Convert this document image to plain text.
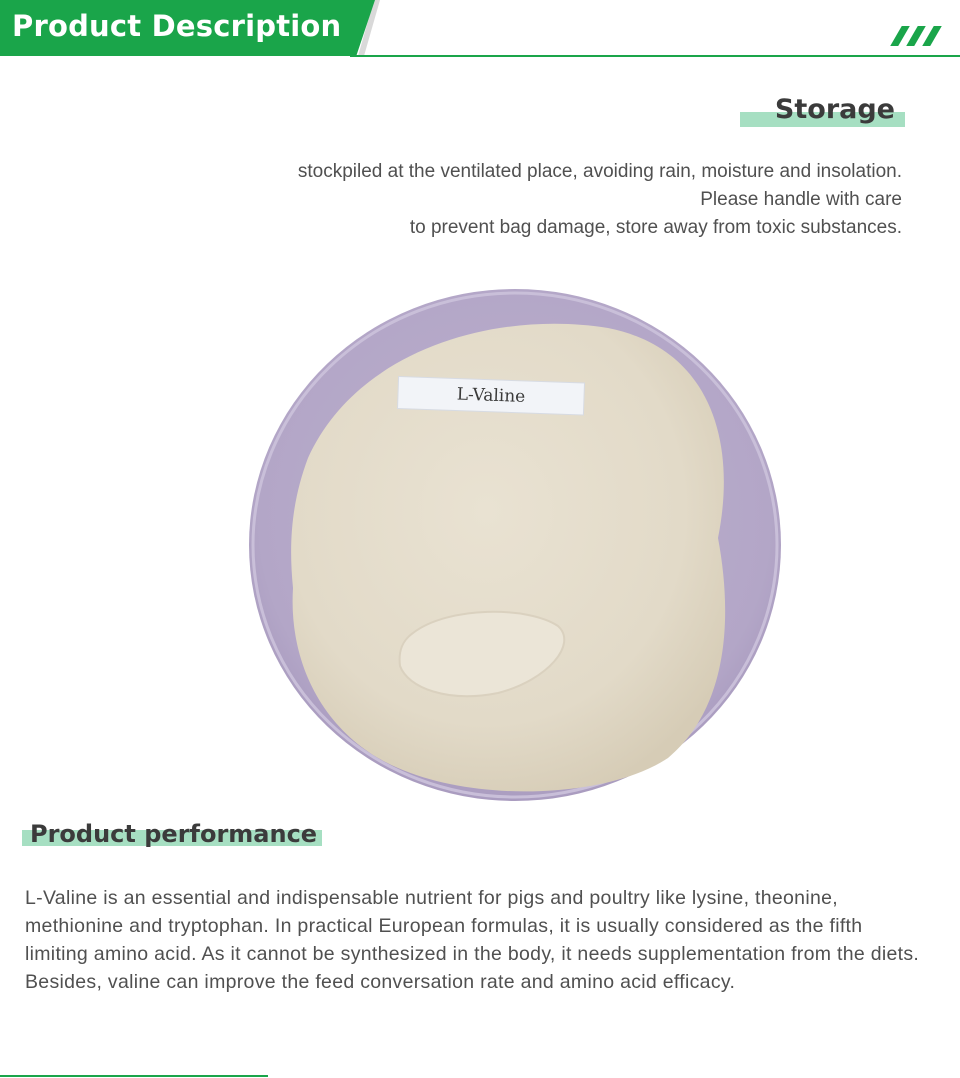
Product Description
Storage
stockpiled at the ventilated place, avoiding rain, moisture and insolation.
Please handle with care
to prevent bag damage, store away from toxic substances.
L-Valine
Product performance
L-Valine is an essential and indispensable nutrient for pigs and poultry like lysine, theonine, methionine and tryptophan. In practical European formulas, it is usually considered as the fifth limiting amino acid. As it cannot be synthesized in the body, it needs supplementation from the diets. Besides, valine can improve the feed conversation rate and amino acid efficacy.
